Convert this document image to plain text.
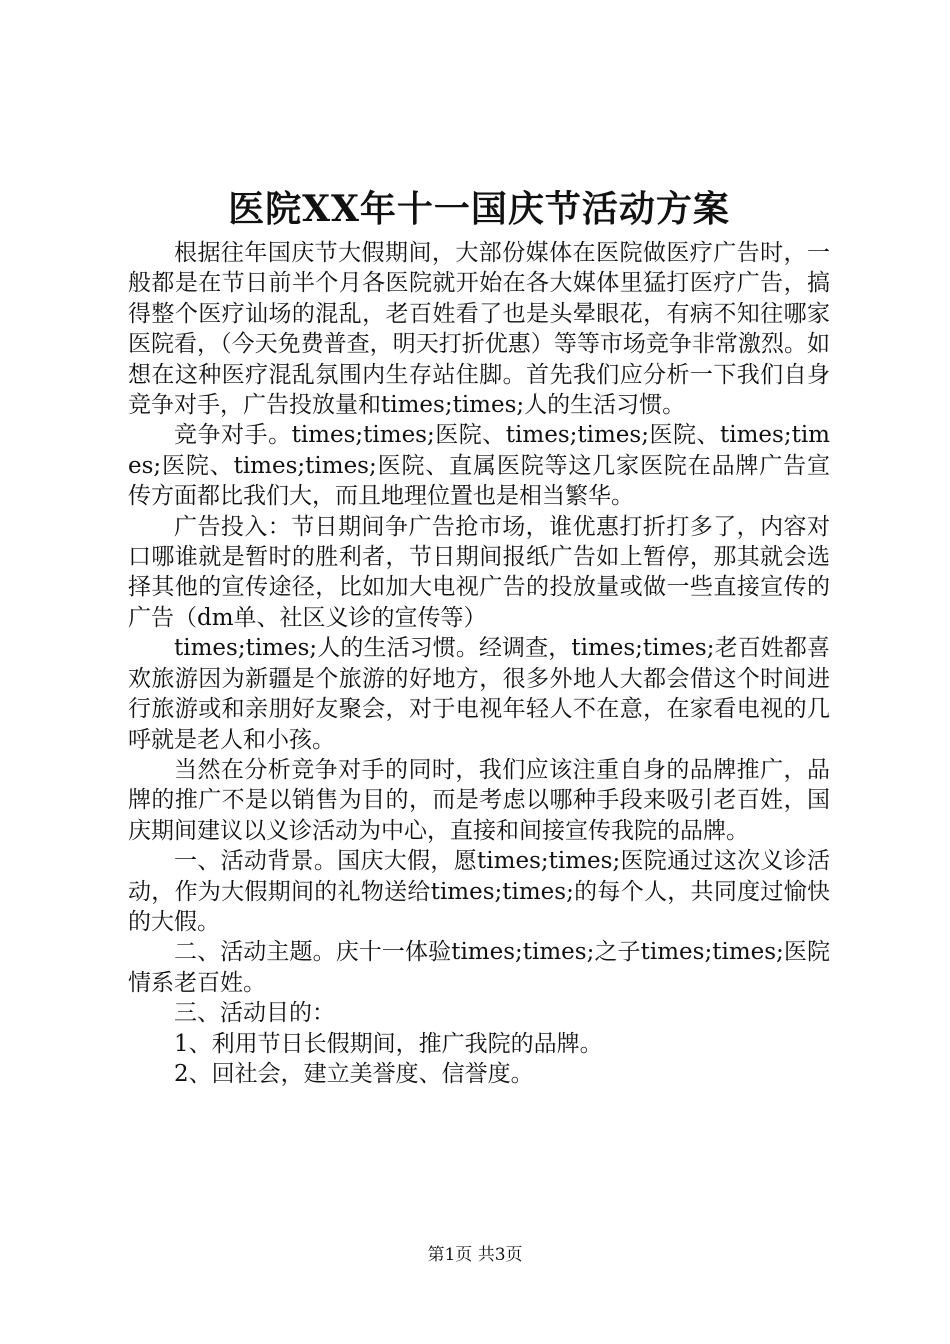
医院XX年十一国庆节活动方案

根据往年国庆节大假期间，大部份媒体在医院做医疗广告时，一般都是在节日前半个月各医院就开始在各大媒体里猛打医疗广告，搞得整个医疗讪场的混乱，老百姓看了也是头晕眼花，有病不知往哪家医院看，（今天免费普查，明天打折优惠）等等市场竞争非常激烈。如想在这种医疗混乱氛围内生存站住脚。首先我们应分析一下我们自身竞争对手，广告投放量和times;times;人的生活习惯。

竞争对手。times;times;医院、times;times;医院、times;times;医院、times;times;医院、直属医院等这几家医院在品牌广告宣传方面都比我们大，而且地理位置也是相当繁华。

广告投入：节日期间争广告抢市场，谁优惠打折打多了，内容对口哪谁就是暂时的胜利者，节日期间报纸广告如上暂停，那其就会选择其他的宣传途径，比如加大电视广告的投放量或做一些直接宣传的广告（dm单、社区义诊的宣传等）

times;times;人的生活习惯。经调查，times;times;老百姓都喜欢旅游因为新疆是个旅游的好地方，很多外地人大都会借这个时间进行旅游或和亲朋好友聚会，对于电视年轻人不在意，在家看电视的几呼就是老人和小孩。

当然在分析竞争对手的同时，我们应该注重自身的品牌推广，品牌的推广不是以销售为目的，而是考虑以哪种手段来吸引老百姓，国庆期间建议以义诊活动为中心，直接和间接宣传我院的品牌。

一、活动背景。国庆大假，愿times;times;医院通过这次义诊活动，作为大假期间的礼物送给times;times;的每个人，共同度过愉快的大假。

二、活动主题。庆十一体验times;times;之子times;times;医院情系老百姓。

三、活动目的：

1、利用节日长假期间，推广我院的品牌。

2、回社会，建立美誉度、信誉度。

第1页 共3页
